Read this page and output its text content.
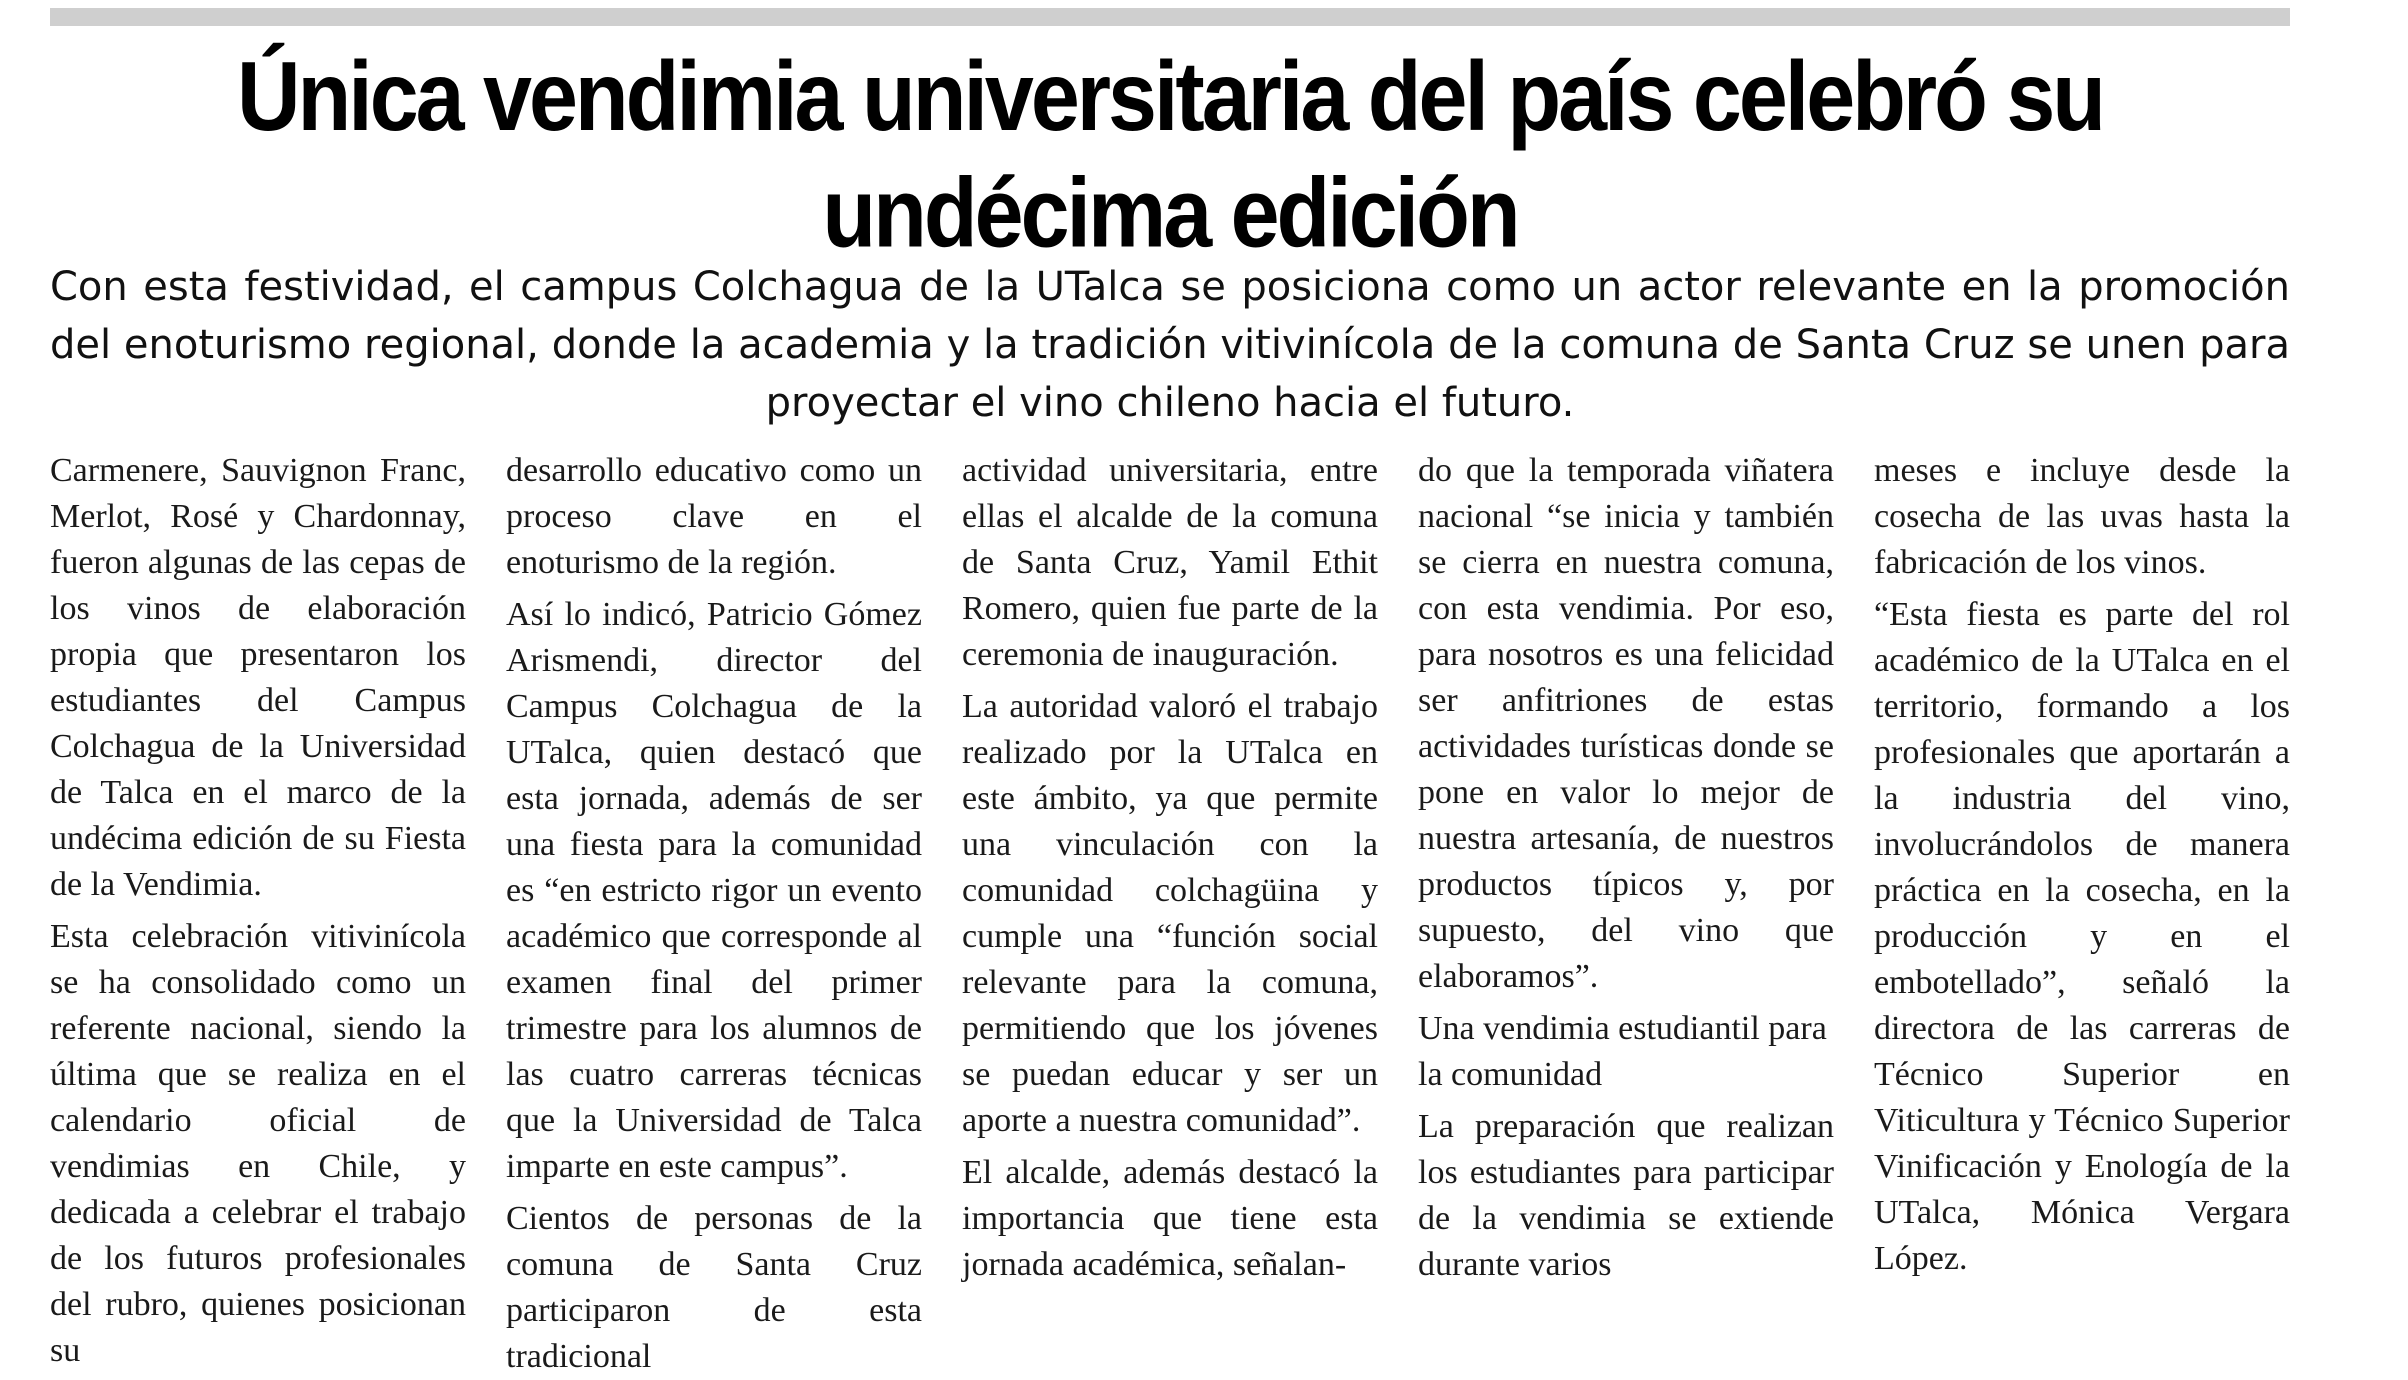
Única vendimia universitaria del país celebró su undécima edición
Con esta festividad, el campus Colchagua de la UTalca se posiciona como un actor relevante en la promoción del enoturismo regional, donde la academia y la tradición vitivinícola de la comuna de Santa Cruz se unen para proyectar el vino chileno hacia el futuro.

Carmenere, Sauvignon Franc, Merlot, Rosé y Chardonnay, fueron algunas de las cepas de los vinos de elaboración propia que presentaron los estudiantes del Campus Colchagua de la Universidad de Talca en el marco de la undécima edición de su Fiesta de la Vendimia.

Esta celebración vitivinícola se ha consolidado como un referente nacional, siendo la última que se realiza en el calendario oficial de vendimias en Chile, y dedicada a celebrar el trabajo de los futuros profesionales del rubro, quienes posicionan su

desarrollo educativo como un proceso clave en el enoturismo de la región.

Así lo indicó, Patricio Gómez Arismendi, director del Campus Colchagua de la UTalca, quien destacó que esta jornada, además de ser una fiesta para la comunidad es “en estricto rigor un evento académico que corresponde al examen final del primer trimestre para los alumnos de las cuatro carreras técnicas que la Universidad de Talca imparte en este campus”.

Cientos de personas de la comuna de Santa Cruz participaron de esta tradicional

actividad universitaria, entre ellas el alcalde de la comuna de Santa Cruz, Yamil Ethit Romero, quien fue parte de la ceremonia de inauguración.

La autoridad valoró el trabajo realizado por la UTalca en este ámbito, ya que permite una vinculación con la comunidad colchagüina y cumple una “función social relevante para la comuna, permitiendo que los jóvenes se puedan educar y ser un aporte a nuestra comunidad”.

El alcalde, además destacó la importancia que tiene esta jornada académica, señalan-

do que la temporada viñatera nacional “se inicia y también se cierra en nuestra comuna, con esta vendimia. Por eso, para nosotros es una felicidad ser anfitriones de estas actividades turísticas donde se pone en valor lo mejor de nuestra artesanía, de nuestros productos típicos y, por supuesto, del vino que elaboramos”.

Una vendimia estudiantil para la comunidad

La preparación que realizan los estudiantes para participar de la vendimia se extiende durante varios

meses e incluye desde la cosecha de las uvas hasta la fabricación de los vinos.

“Esta fiesta es parte del rol académico de la UTalca en el territorio, formando a los profesionales que aportarán a la industria del vino, involucrándolos de manera práctica en la cosecha, en la producción y en el embotellado”, señaló la directora de las carreras de Técnico Superior en Viticultura y Técnico Superior Vinificación y Enología de la UTalca, Mónica Vergara López.
